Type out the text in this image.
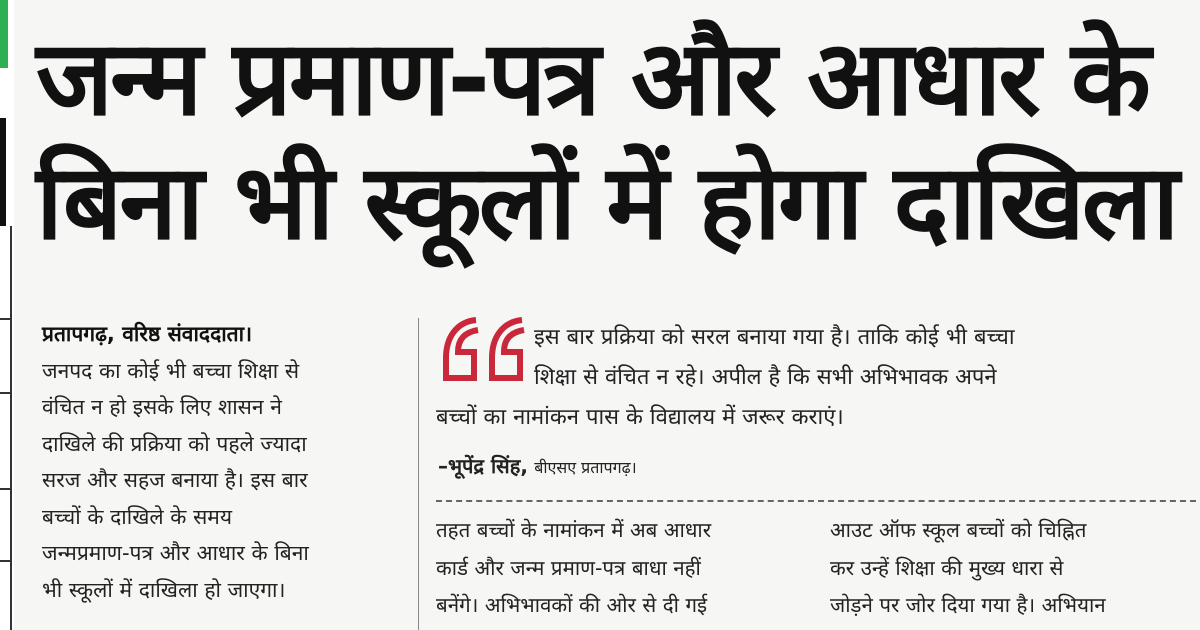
जन्म प्रमाण-पत्र और आधार के
बिना भी स्कूलों में होगा दाखिला

प्रतापगढ़, वरिष्ठ संवाददाता।

जनपद का कोई भी बच्चा शिक्षा से

वंचित न हो इसके लिए शासन ने

दाखिले की प्रक्रिया को पहले ज्यादा

सरज और सहज बनाया है। इस बार

बच्चों के दाखिले के समय

जन्मप्रमाण-पत्र और आधार के बिना

भी स्कूलों में दाखिला हो जाएगा।

इस बार प्रक्रिया को सरल बनाया गया है। ताकि कोई भी बच्चा

शिक्षा से वंचित न रहे। अपील है कि सभी अभिभावक अपने

बच्चों का नामांकन पास के विद्यालय में जरूर कराएं।

–भूपेंद्र सिंह, बीएसए प्रतापगढ़।

तहत बच्चों के नामांकन में अब आधार

कार्ड और जन्म प्रमाण-पत्र बाधा नहीं

बनेंगे। अभिभावकों की ओर से दी गई

आउट ऑफ स्कूल बच्चों को चिह्नित

कर उन्हें शिक्षा की मुख्य धारा से

जोड़ने पर जोर दिया गया है। अभियान
